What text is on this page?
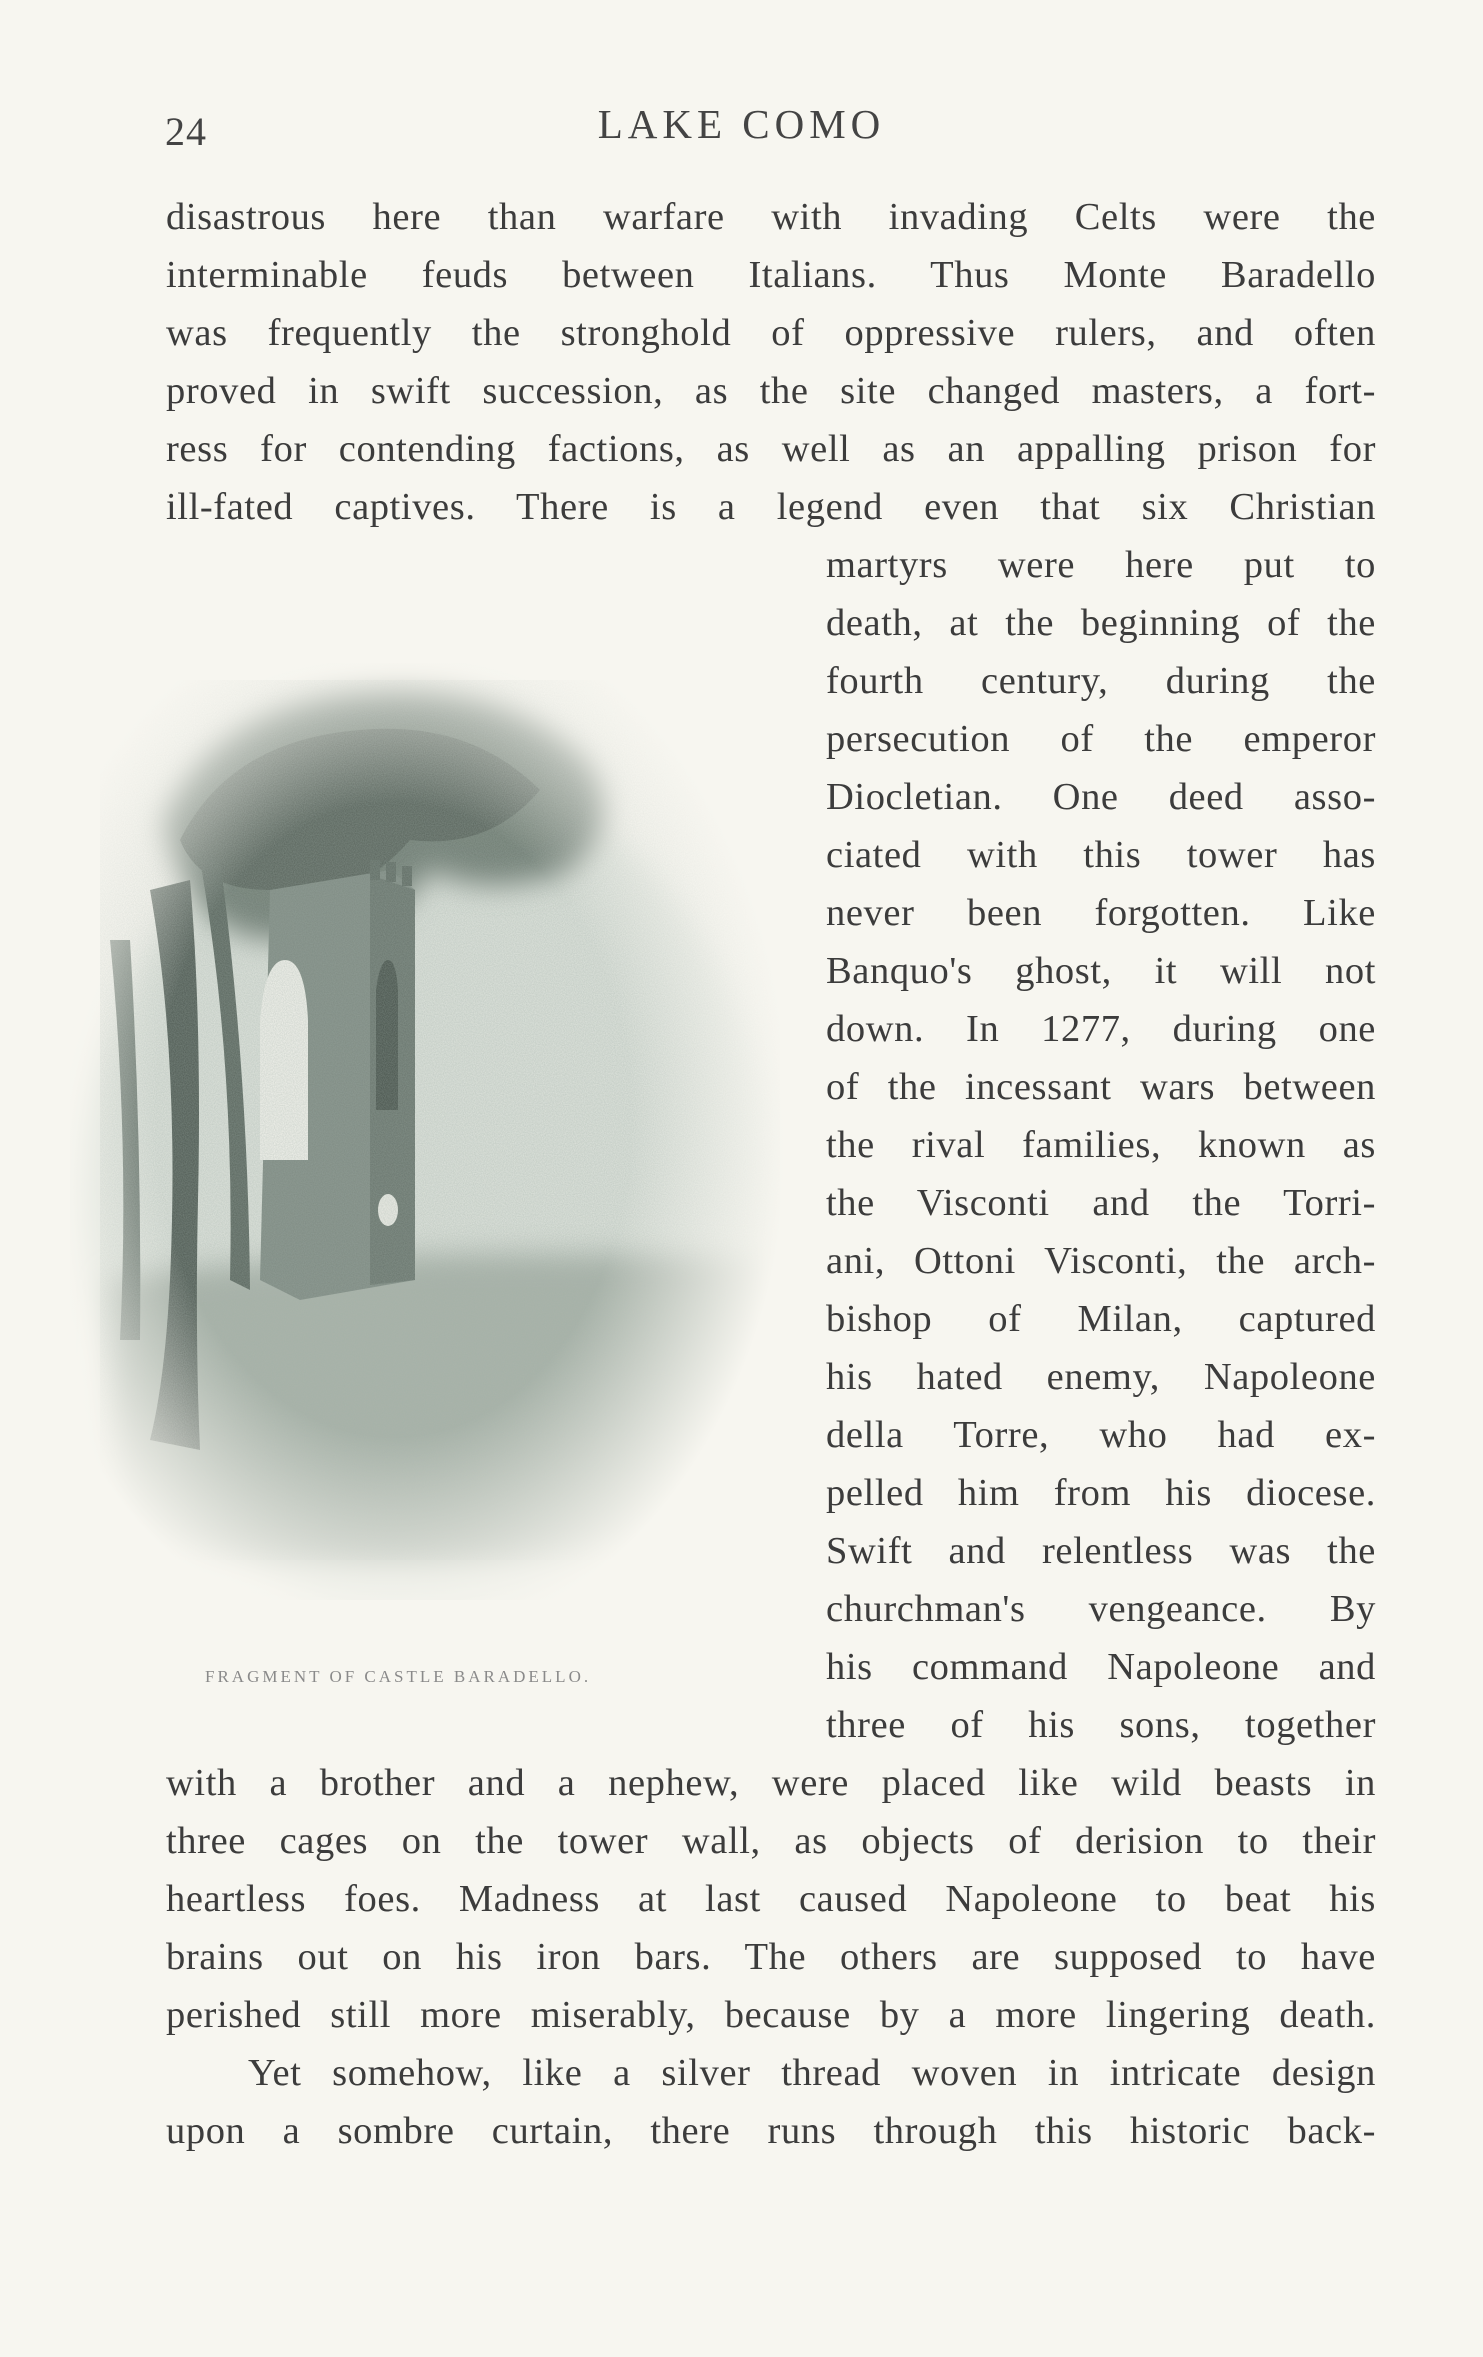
24	LAKE COMO
disastrous here than warfare with invading Celts were the
interminable feuds between Italians. Thus Monte Baradello
was frequently the stronghold of oppressive rulers, and often
proved in swift succession, as the site changed masters, a fort-
ress for contending factions, as well as an appalling prison for
ill-fated captives. There is a legend even that six Christian
martyrs were here put to
death, at the beginning of the
fourth century, during the
persecution of the emperor
Diocletian. One deed asso-
ciated with this tower has
never been forgotten. Like
Banquo's ghost, it will not
down. In 1277, during one
of the incessant wars between
the rival families, known as
the Visconti and the Torri-
ani, Ottoni Visconti, the arch-
bishop of Milan, captured
his hated enemy, Napoleone
della Torre, who had ex-
pelled him from his diocese.
Swift and relentless was the
churchman's vengeance. By
his command Napoleone and
three of his sons, together
with a brother and a nephew, were placed like wild beasts in
three cages on the tower wall, as objects of derision to their
heartless foes. Madness at last caused Napoleone to beat his
brains out on his iron bars. The others are supposed to have
perished still more miserably, because by a more lingering death.
Yet somehow, like a silver thread woven in intricate design
upon a sombre curtain, there runs through this historic back-
FRAGMENT OF CASTLE BARADELLO.
